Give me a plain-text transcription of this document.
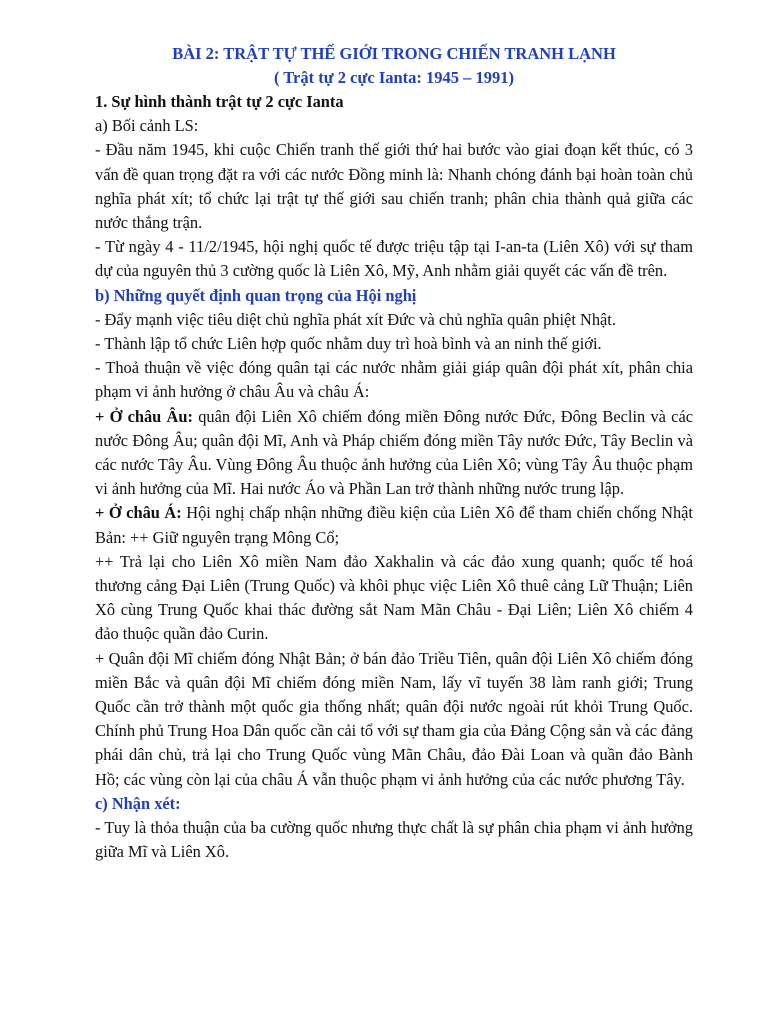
BÀI 2: TRẬT TỰ THẾ GIỚI TRONG CHIẾN TRANH LẠNH

( Trật tự 2 cực Ianta: 1945 – 1991)

1. Sự hình thành trật tự 2 cực Ianta

a) Bối cảnh LS:

- Đầu năm 1945, khi cuộc Chiến tranh thế giới thứ hai bước vào giai đoạn kết thúc, có 3 vấn đề quan trọng đặt ra với các nước Đồng minh là: Nhanh chóng đánh bại hoàn toàn chủ nghĩa phát xít; tổ chức lại trật tự thế giới sau chiến tranh; phân chia thành quả giữa các nước thắng trận.

- Từ ngày 4 - 11/2/1945, hội nghị quốc tế được triệu tập tại I-an-ta (Liên Xô) với sự tham dự của nguyên thủ 3 cường quốc là Liên Xô, Mỹ, Anh nhằm giải quyết các vấn đề trên.

b) Những quyết định quan trọng của Hội nghị

- Đẩy mạnh việc tiêu diệt chủ nghĩa phát xít Đức và chủ nghĩa quân phiệt Nhật.

- Thành lập tổ chức Liên hợp quốc nhằm duy trì hoà bình và an ninh thế giới.

- Thoả thuận về việc đóng quân tại các nước nhằm giải giáp quân đội phát xít, phân chia phạm vi ảnh hưởng ở châu Âu và châu Á:

+ Ở châu Âu: quân đội Liên Xô chiếm đóng miền Đông nước Đức, Đông Beclin và các nước Đông Âu; quân đội Mĩ, Anh và Pháp chiếm đóng miền Tây nước Đức, Tây Beclin và các nước Tây Âu. Vùng Đông Âu thuộc ảnh hưởng của Liên Xô; vùng Tây Âu thuộc phạm vi ảnh hưởng của Mĩ. Hai nước Áo và Phần Lan trở thành những nước trung lập.

+ Ở châu Á: Hội nghị chấp nhận những điều kiện của Liên Xô để tham chiến chống Nhật Bản: ++ Giữ nguyên trạng Mông Cổ;

++ Trả lại cho Liên Xô miền Nam đảo Xakhalin và các đảo xung quanh; quốc tế hoá thương cảng Đại Liên (Trung Quốc) và khôi phục việc Liên Xô thuê cảng Lữ Thuận; Liên Xô cùng Trung Quốc khai thác đường sắt Nam Mãn Châu - Đại Liên; Liên Xô chiếm 4 đảo thuộc quần đảo Curin.

+ Quân đội Mĩ chiếm đóng Nhật Bản; ở bán đảo Triều Tiên, quân đội Liên Xô chiếm đóng miền Bắc và quân đội Mĩ chiếm đóng miền Nam, lấy vĩ tuyến 38 làm ranh giới; Trung Quốc cần trở thành một quốc gia thống nhất; quân đội nước ngoài rút khỏi Trung Quốc. Chính phủ Trung Hoa Dân quốc cần cải tổ với sự tham gia của Đảng Cộng sản và các đảng phái dân chủ, trả lại cho Trung Quốc vùng Mãn Châu, đảo Đài Loan và quần đảo Bành Hồ; các vùng còn lại của châu Á vẫn thuộc phạm vi ảnh hưởng của các nước phương Tây.

c) Nhận xét:

- Tuy là thỏa thuận của ba cường quốc nhưng thực chất là sự phân chia phạm vi ảnh hưởng giữa Mĩ và Liên Xô.
